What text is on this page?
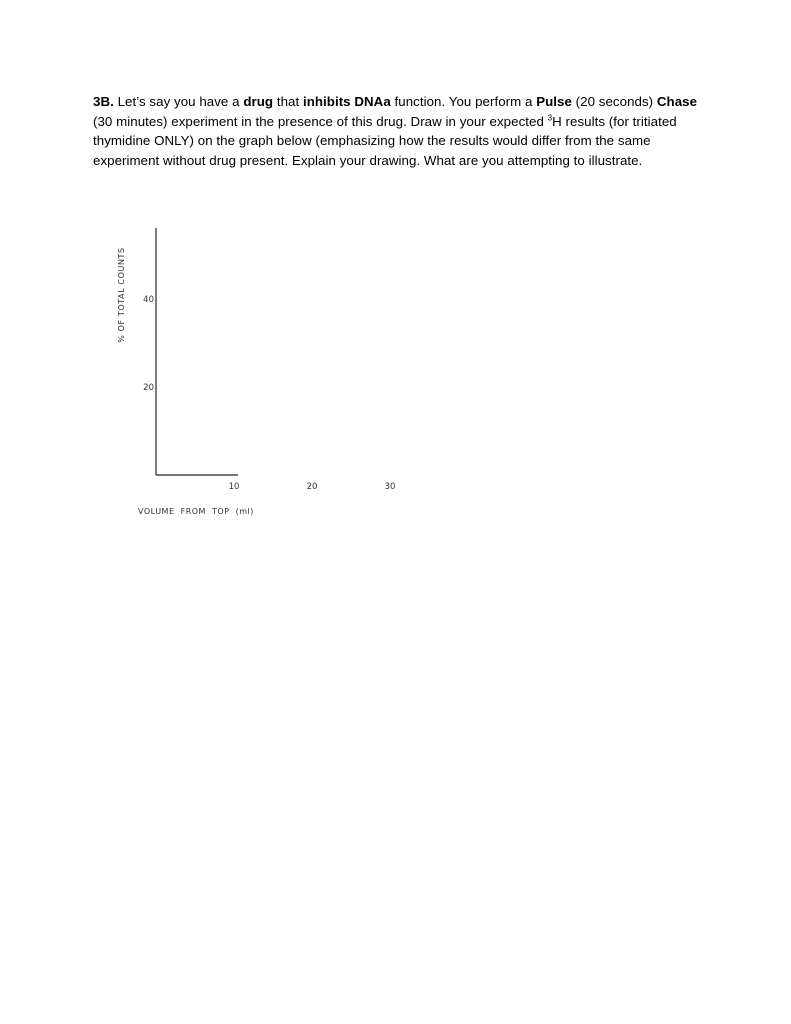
3B. Let’s say you have a drug that inhibits DNAa function. You perform a Pulse (20 seconds) Chase (30 minutes) experiment in the presence of this drug. Draw in your expected $^3$H results (for tritiated thymidine ONLY) on the graph below (emphasizing how the results would differ from the same experiment without drug present. Explain your drawing. What are you attempting to illustrate.
20
40
10	20	30
% OF TOTAL COUNTS
VOLUME  FROM  TOP  (ml)
